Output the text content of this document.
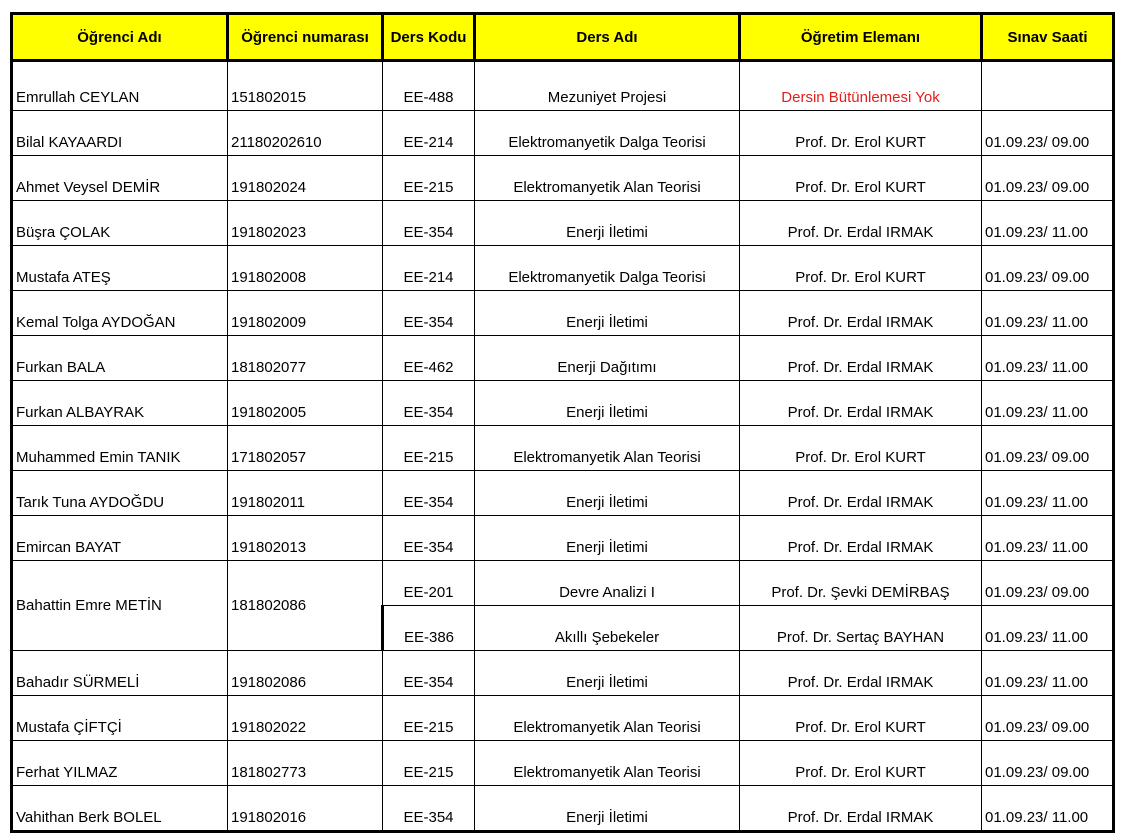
Öğrenci Adı	Öğrenci numarası	Ders Kodu	Ders Adı	Öğretim Elemanı	Sınav Saati
Emrullah CEYLAN	151802015	EE-488	Mezuniyet Projesi	Dersin Bütünlemesi Yok	
Bilal KAYAARDI	21180202610	EE-214	Elektromanyetik Dalga Teorisi	Prof. Dr. Erol KURT	01.09.23/ 09.00
Ahmet Veysel DEMİR	191802024	EE-215	Elektromanyetik Alan Teorisi	Prof. Dr. Erol KURT	01.09.23/ 09.00
Büşra ÇOLAK	191802023	EE-354	Enerji İletimi	Prof. Dr. Erdal IRMAK	01.09.23/ 11.00
Mustafa ATEŞ	191802008	EE-214	Elektromanyetik Dalga Teorisi	Prof. Dr. Erol KURT	01.09.23/ 09.00
Kemal Tolga AYDOĞAN	191802009	EE-354	Enerji İletimi	Prof. Dr. Erdal IRMAK	01.09.23/ 11.00
Furkan BALA	181802077	EE-462	Enerji Dağıtımı	Prof. Dr. Erdal IRMAK	01.09.23/ 11.00
Furkan ALBAYRAK	191802005	EE-354	Enerji İletimi	Prof. Dr. Erdal IRMAK	01.09.23/ 11.00
Muhammed Emin TANIK	171802057	EE-215	Elektromanyetik Alan Teorisi	Prof. Dr. Erol KURT	01.09.23/ 09.00
Tarık Tuna AYDOĞDU	191802011	EE-354	Enerji İletimi	Prof. Dr. Erdal IRMAK	01.09.23/ 11.00
Emircan BAYAT	191802013	EE-354	Enerji İletimi	Prof. Dr. Erdal IRMAK	01.09.23/ 11.00
Bahattin Emre METİN	181802086	EE-201	Devre Analizi I	Prof. Dr. Şevki DEMİRBAŞ	01.09.23/ 09.00
		EE-386	Akıllı Şebekeler	Prof. Dr. Sertaç BAYHAN	01.09.23/ 11.00
Bahadır SÜRMELİ	191802086	EE-354	Enerji İletimi	Prof. Dr. Erdal IRMAK	01.09.23/ 11.00
Mustafa ÇİFTÇİ	191802022	EE-215	Elektromanyetik Alan Teorisi	Prof. Dr. Erol KURT	01.09.23/ 09.00
Ferhat YILMAZ	181802773	EE-215	Elektromanyetik Alan Teorisi	Prof. Dr. Erol KURT	01.09.23/ 09.00
Vahithan Berk BOLEL	191802016	EE-354	Enerji İletimi	Prof. Dr. Erdal IRMAK	01.09.23/ 11.00
